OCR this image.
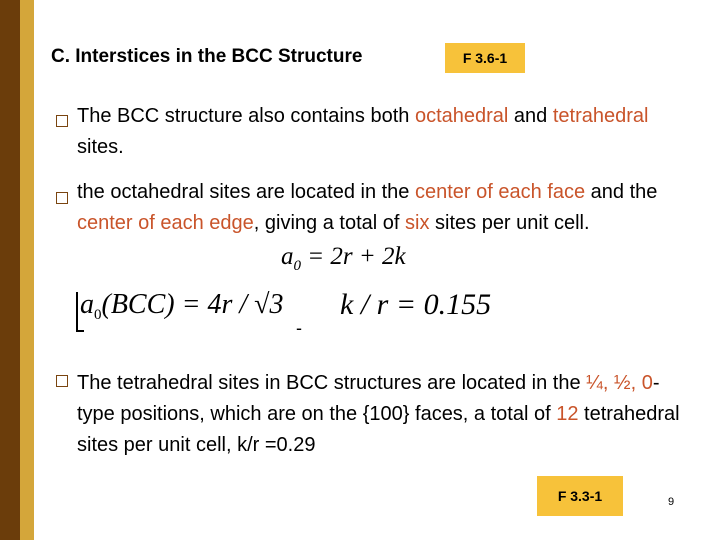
C. Interstices in the BCC Structure	F 3.6-1
The BCC structure also contains both octahedral and tetrahedral sites.
the octahedral sites are located in the center of each face and the center of each edge, giving a total of six sites per unit cell.
$a_0 = 2r + 2k$
$a_0(BCC) = 4r / √3$
-
k / r = 0.155
The tetrahedral sites in BCC structures are located in the ¼, ½, 0-type positions, which are on the {100} faces, a total of 12 tetrahedral sites per unit cell, k/r =0.29
F 3.3-1	9
